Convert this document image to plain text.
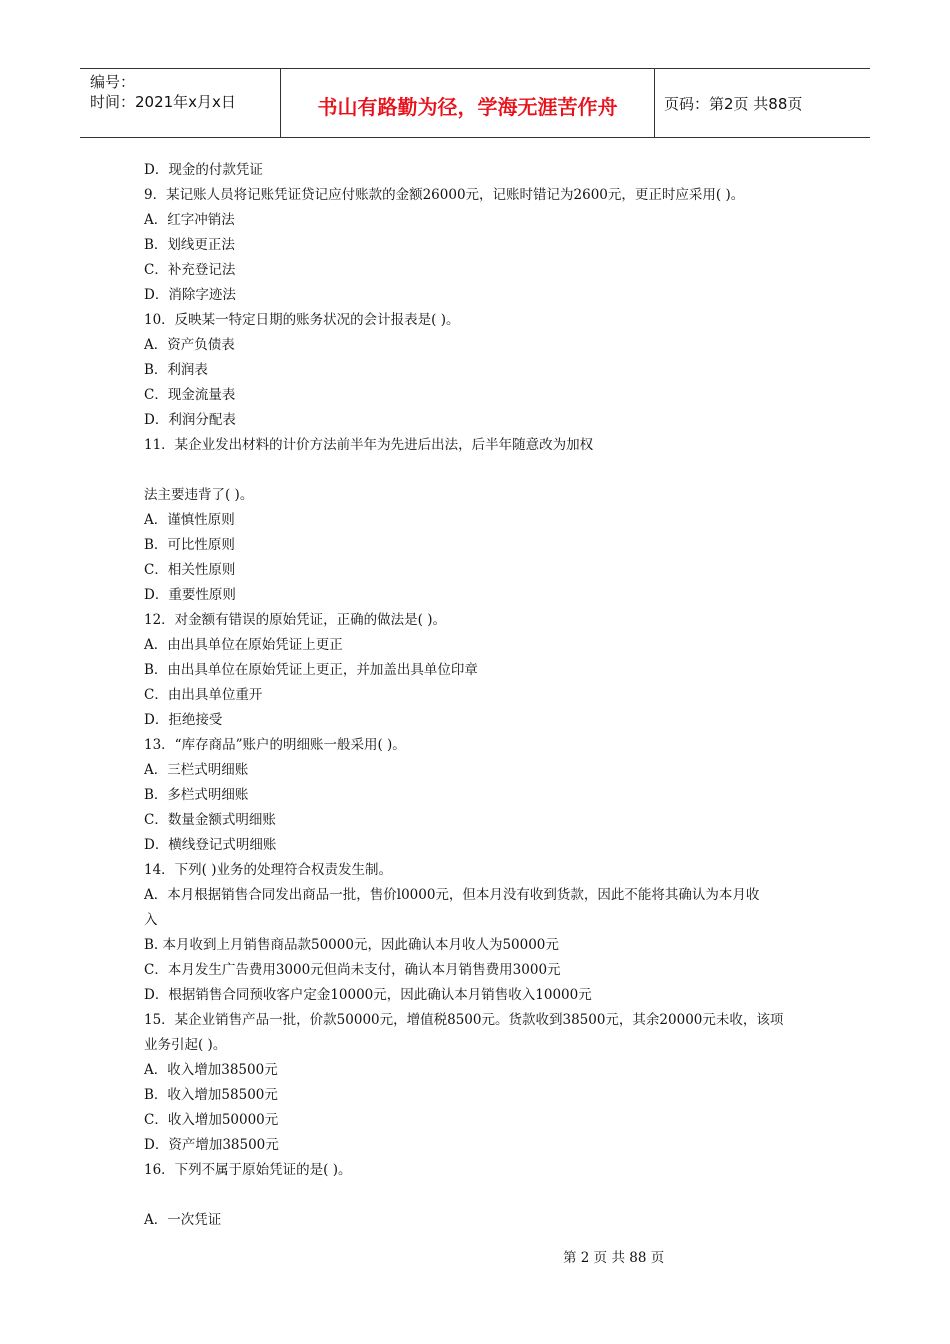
编号：
时间：2021年x月x日	书山有路勤为径，学海无涯苦作舟	页码：第2页 共88页
D．现金的付款凭证
9．某记账人员将记账凭证贷记应付账款的金额26000元，记账时错记为2600元，更正时应采用( )。
A．红字冲销法
B．划线更正法
C．补充登记法
D．消除字迹法
10．反映某一特定日期的账务状况的会计报表是( )。
A．资产负债表
B．利润表
C．现金流量表
D．利润分配表
11．某企业发出材料的计价方法前半年为先进后出法，后半年随意改为加权
法主要违背了( )。
A．谨慎性原则
B．可比性原则
C．相关性原则
D．重要性原则
12．对金额有错误的原始凭证，正确的做法是( )。
A．由出具单位在原始凭证上更正
B．由出具单位在原始凭证上更正，并加盖出具单位印章
C．由出具单位重开
D．拒绝接受
13．“库存商品”账户的明细账一般采用( )。
A．三栏式明细账
B．多栏式明细账
C．数量金额式明细账
D．横线登记式明细账
14．下列( )业务的处理符合权责发生制。
A．本月根据销售合同发出商品一批，售价l0000元，但本月没有收到货款，因此不能将其确认为本月收
入
B. 本月收到上月销售商品款50000元，因此确认本月收人为50000元
C．本月发生广告费用3000元但尚未支付，确认本月销售费用3000元
D．根据销售合同预收客户定金10000元，因此确认本月销售收入10000元
15．某企业销售产品一批，价款50000元，增值税8500元。货款收到38500元，其余20000元未收，该项
业务引起( )。
A．收入增加38500元
B．收入增加58500元
C．收入增加50000元
D．资产增加38500元
16．下列不属于原始凭证的是( )。
A．一次凭证
第 2 页 共 88 页
